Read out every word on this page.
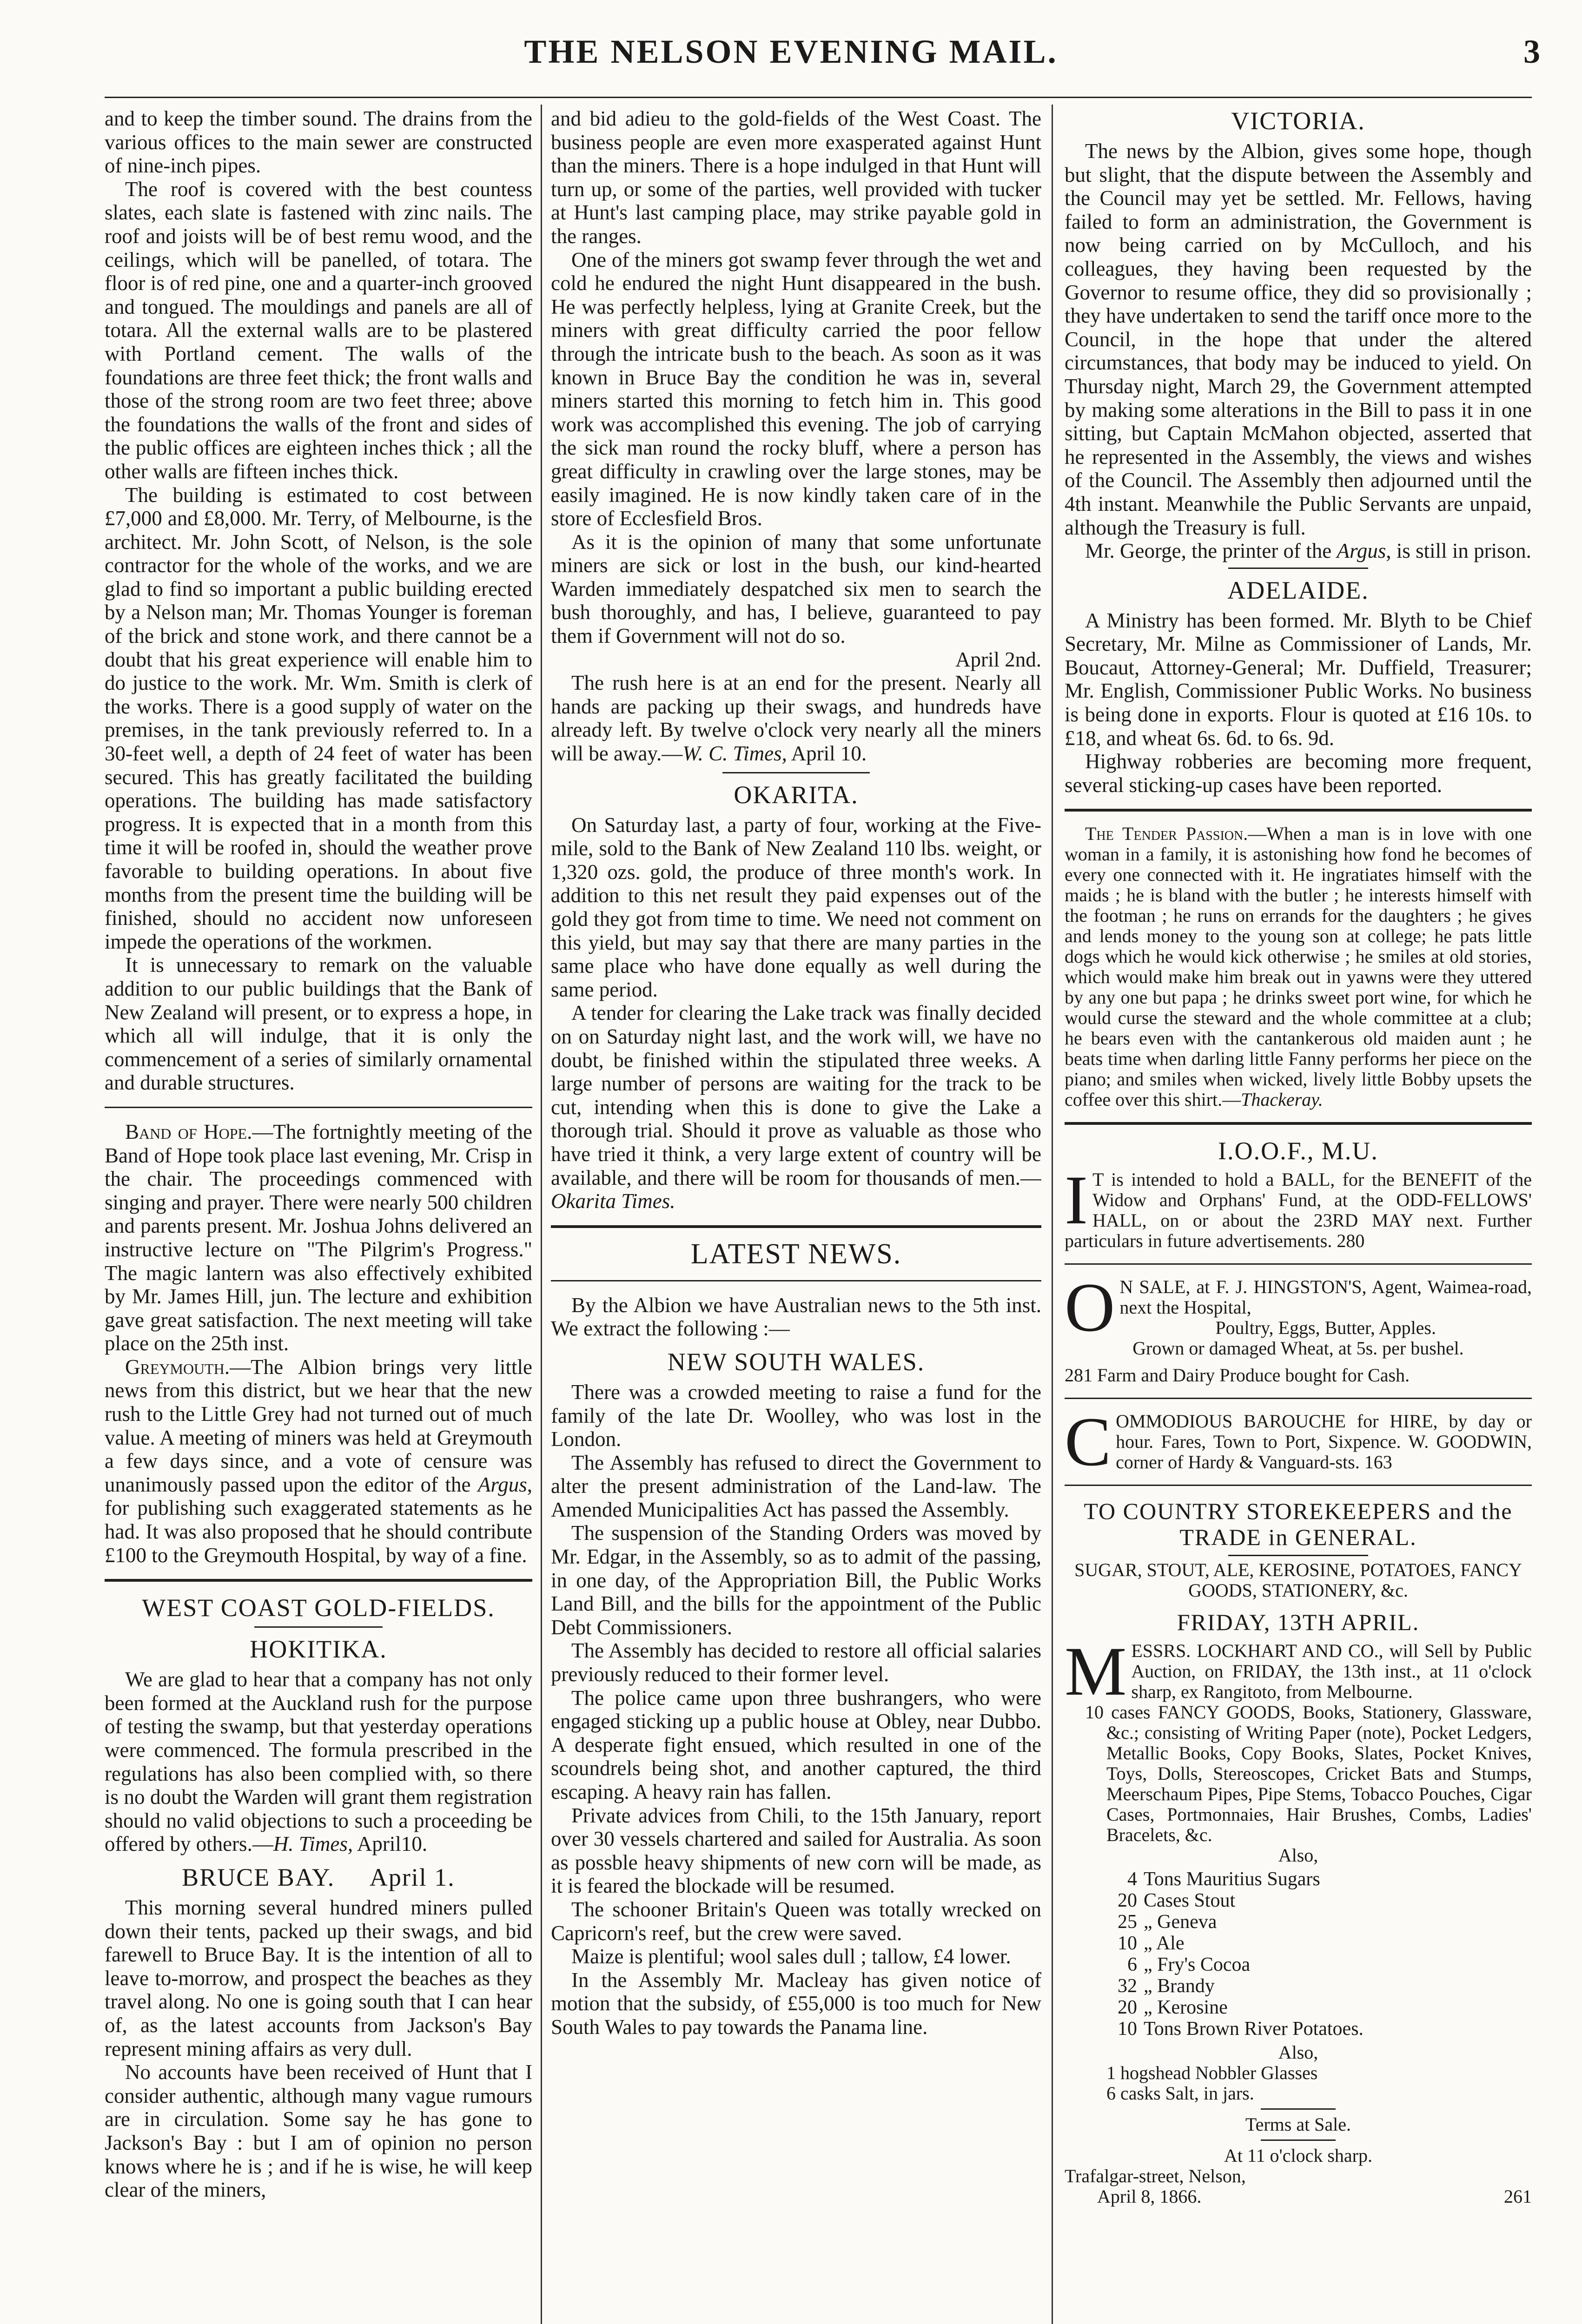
THE NELSON EVENING MAIL.	3

and to keep the timber sound. The drains from the various offices to the main sewer are constructed of nine-inch pipes.

The roof is covered with the best countess slates, each slate is fastened with zinc nails. The roof and joists will be of best remu wood, and the ceilings, which will be panelled, of totara. The floor is of red pine, one and a quarter-inch grooved and tongued. The mouldings and panels are all of totara. All the external walls are to be plastered with Portland cement. The walls of the foundations are three feet thick; the front walls and those of the strong room are two feet three; above the foundations the walls of the front and sides of the public offices are eighteen inches thick ; all the other walls are fifteen inches thick.

The building is estimated to cost between £7,000 and £8,000. Mr. Terry, of Melbourne, is the architect. Mr. John Scott, of Nelson, is the sole contractor for the whole of the works, and we are glad to find so important a public building erected by a Nelson man; Mr. Thomas Younger is foreman of the brick and stone work, and there cannot be a doubt that his great experience will enable him to do justice to the work. Mr. Wm. Smith is clerk of the works. There is a good supply of water on the premises, in the tank previously referred to. In a 30-feet well, a depth of 24 feet of water has been secured. This has greatly facilitated the building operations. The building has made satisfactory progress. It is expected that in a month from this time it will be roofed in, should the weather prove favorable to building operations. In about five months from the present time the building will be finished, should no accident now unforeseen impede the operations of the workmen.

It is unnecessary to remark on the valuable addition to our public buildings that the Bank of New Zealand will present, or to express a hope, in which all will indulge, that it is only the commencement of a series of similarly ornamental and durable structures.

Band of Hope.—The fortnightly meeting of the Band of Hope took place last evening, Mr. Crisp in the chair. The proceedings commenced with singing and prayer. There were nearly 500 children and parents present. Mr. Joshua Johns delivered an instructive lecture on "The Pilgrim's Progress." The magic lantern was also effectively exhibited by Mr. James Hill, jun. The lecture and exhibition gave great satisfaction. The next meeting will take place on the 25th inst.

Greymouth.—The Albion brings very little news from this district, but we hear that the new rush to the Little Grey had not turned out of much value. A meeting of miners was held at Greymouth a few days since, and a vote of censure was unanimously passed upon the editor of the Argus, for publishing such exaggerated statements as he had. It was also proposed that he should contribute £100 to the Greymouth Hospital, by way of a fine.

WEST COAST GOLD-FIELDS.
HOKITIKA.

We are glad to hear that a company has not only been formed at the Auckland rush for the purpose of testing the swamp, but that yesterday operations were commenced. The formula prescribed in the regulations has also been complied with, so there is no doubt the Warden will grant them registration should no valid objections to such a proceeding be offered by others.—H. Times, April10.

BRUCE BAY.     April 1.

This morning several hundred miners pulled down their tents, packed up their swags, and bid farewell to Bruce Bay. It is the intention of all to leave to-morrow, and prospect the beaches as they travel along. No one is going south that I can hear of, as the latest accounts from Jackson's Bay represent mining affairs as very dull.

No accounts have been received of Hunt that I consider authentic, although many vague rumours are in circulation. Some say he has gone to Jackson's Bay : but I am of opinion no person knows where he is ; and if he is wise, he will keep clear of the miners,

and bid adieu to the gold-fields of the West Coast. The business people are even more exasperated against Hunt than the miners. There is a hope indulged in that Hunt will turn up, or some of the parties, well provided with tucker at Hunt's last camping place, may strike payable gold in the ranges.

One of the miners got swamp fever through the wet and cold he endured the night Hunt disappeared in the bush. He was perfectly helpless, lying at Granite Creek, but the miners with great difficulty carried the poor fellow through the intricate bush to the beach. As soon as it was known in Bruce Bay the condition he was in, several miners started this morning to fetch him in. This good work was accomplished this evening. The job of carrying the sick man round the rocky bluff, where a person has great difficulty in crawling over the large stones, may be easily imagined. He is now kindly taken care of in the store of Ecclesfield Bros.

As it is the opinion of many that some unfortunate miners are sick or lost in the bush, our kind-hearted Warden immediately despatched six men to search the bush thoroughly, and has, I believe, guaranteed to pay them if Government will not do so.

April 2nd.

The rush here is at an end for the present. Nearly all hands are packing up their swags, and hundreds have already left. By twelve o'clock very nearly all the miners will be away.—W. C. Times, April 10.

OKARITA.

On Saturday last, a party of four, working at the Five-mile, sold to the Bank of New Zealand 110 lbs. weight, or 1,320 ozs. gold, the produce of three month's work. In addition to this net result they paid expenses out of the gold they got from time to time. We need not comment on this yield, but may say that there are many parties in the same place who have done equally as well during the same period.

A tender for clearing the Lake track was finally decided on on Saturday night last, and the work will, we have no doubt, be finished within the stipulated three weeks. A large number of persons are waiting for the track to be cut, intending when this is done to give the Lake a thorough trial. Should it prove as valuable as those who have tried it think, a very large extent of country will be available, and there will be room for thousands of men.—Okarita Times.

LATEST NEWS.

By the Albion we have Australian news to the 5th inst. We extract the following :—

NEW SOUTH WALES.

There was a crowded meeting to raise a fund for the family of the late Dr. Woolley, who was lost in the London.

The Assembly has refused to direct the Government to alter the present administration of the Land-law. The Amended Municipalities Act has passed the Assembly.

The suspension of the Standing Orders was moved by Mr. Edgar, in the Assembly, so as to admit of the passing, in one day, of the Appropriation Bill, the Public Works Land Bill, and the bills for the appointment of the Public Debt Commissioners.

The Assembly has decided to restore all official salaries previously reduced to their former level.

The police came upon three bushrangers, who were engaged sticking up a public house at Obley, near Dubbo. A desperate fight ensued, which resulted in one of the scoundrels being shot, and another captured, the third escaping. A heavy rain has fallen.

Private advices from Chili, to the 15th January, report over 30 vessels chartered and sailed for Australia. As soon as possble heavy shipments of new corn will be made, as it is feared the blockade will be resumed.

The schooner Britain's Queen was totally wrecked on Capricorn's reef, but the crew were saved.

Maize is plentiful; wool sales dull ; tallow, £4 lower.

In the Assembly Mr. Macleay has given notice of motion that the subsidy, of £55,000 is too much for New South Wales to pay towards the Panama line.

VICTORIA.

The news by the Albion, gives some hope, though but slight, that the dispute between the Assembly and the Council may yet be settled. Mr. Fellows, having failed to form an administration, the Government is now being carried on by McCulloch, and his colleagues, they having been requested by the Governor to resume office, they did so provisionally ; they have undertaken to send the tariff once more to the Council, in the hope that under the altered circumstances, that body may be induced to yield. On Thursday night, March 29, the Government attempted by making some alterations in the Bill to pass it in one sitting, but Captain McMahon objected, asserted that he represented in the Assembly, the views and wishes of the Council. The Assembly then adjourned until the 4th instant. Meanwhile the Public Servants are unpaid, although the Treasury is full.

Mr. George, the printer of the Argus, is still in prison.

ADELAIDE.

A Ministry has been formed. Mr. Blyth to be Chief Secretary, Mr. Milne as Commissioner of Lands, Mr. Boucaut, Attorney-General; Mr. Duffield, Treasurer; Mr. English, Commissioner Public Works. No business is being done in exports. Flour is quoted at £16 10s. to £18, and wheat 6s. 6d. to 6s. 9d.

Highway robberies are becoming more frequent, several sticking-up cases have been reported.

The Tender Passion.—When a man is in love with one woman in a family, it is astonishing how fond he becomes of every one connected with it. He ingratiates himself with the maids ; he is bland with the butler ; he interests himself with the footman ; he runs on errands for the daughters ; he gives and lends money to the young son at college; he pats little dogs which he would kick otherwise ; he smiles at old stories, which would make him break out in yawns were they uttered by any one but papa ; he drinks sweet port wine, for which he would curse the steward and the whole committee at a club; he bears even with the cantankerous old maiden aunt ; he beats time when darling little Fanny performs her piece on the piano; and smiles when wicked, lively little Bobby upsets the coffee over this shirt.—Thackeray.

I.O.O.F., M.U.

IT is intended to hold a BALL, for the BENEFIT of the Widow and Orphans' Fund, at the ODD-FELLOWS' HALL, on or about the 23RD MAY next. Further particulars in future advertisements. 280

ON SALE, at F. J. HINGSTON'S, Agent, Waimea-road, next the Hospital,

Poultry, Eggs, Butter, Apples.

Grown or damaged Wheat, at 5s. per bushel.

281 Farm and Dairy Produce bought for Cash.

COMMODIOUS BAROUCHE for HIRE, by day or hour. Fares, Town to Port, Sixpence. W. GOODWIN, corner of Hardy & Vanguard-sts. 163

TO COUNTRY STOREKEEPERS and the TRADE in GENERAL.

SUGAR, STOUT, ALE, KEROSINE, POTATOES, FANCY GOODS, STATIONERY, &c.

FRIDAY, 13TH APRIL.

MESSRS. LOCKHART AND CO., will Sell by Public Auction, on FRIDAY, the 13th inst., at 11 o'clock sharp, ex Rangitoto, from Melbourne.

10 cases FANCY GOODS, Books, Stationery, Glassware, &c.; consisting of Writing Paper (note), Pocket Ledgers, Metallic Books, Copy Books, Slates, Pocket Knives, Toys, Dolls, Stereoscopes, Cricket Bats and Stumps, Meerschaum Pipes, Pipe Stems, Tobacco Pouches, Cigar Cases, Portmonnaies, Hair Brushes, Combs, Ladies' Bracelets, &c.

Also,

4 Tons Mauritius Sugars
20 Cases Stout
25 „ Geneva
10 „ Ale
6 „ Fry's Cocoa
32 „ Brandy
20 „ Kerosine
10 Tons Brown River Potatoes.

Also,

1 hogshead Nobbler Glasses

6 casks Salt, in jars.

Terms at Sale.

At 11 o'clock sharp.

Trafalgar-street, Nelson,

April 8, 1866.	261
